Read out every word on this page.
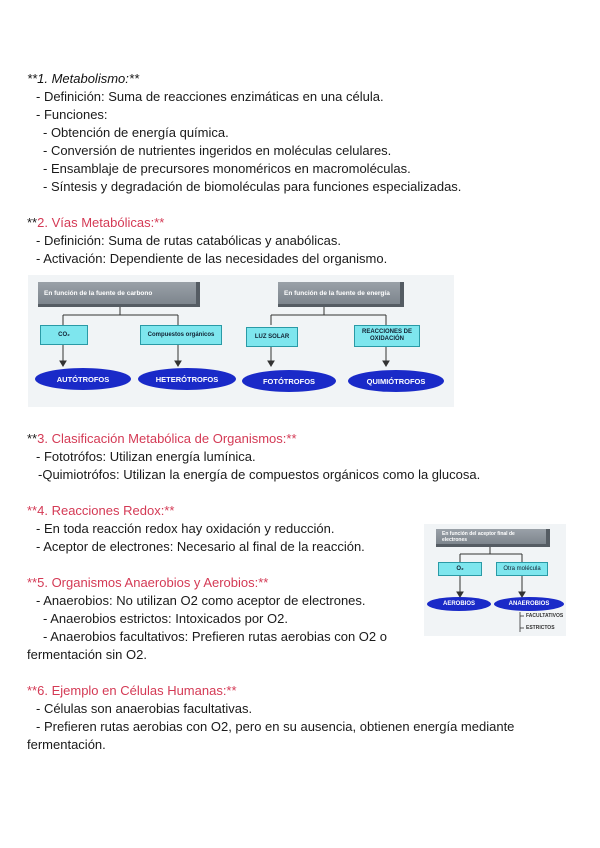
**1. Metabolismo:**
- Definición: Suma de reacciones enzimáticas en una célula.
- Funciones:
- Obtención de energía química.
- Conversión de nutrientes ingeridos en moléculas celulares.
- Ensamblaje de precursores monoméricos en macromoléculas.
- Síntesis y degradación de biomoléculas para funciones especializadas.
**2. Vías Metabólicas:**
- Definición: Suma de rutas catabólicas y anabólicas.
- Activación: Dependiente de las necesidades del organismo.
En función de la fuente de carbono
CO₂	Compuestos orgánicos
AUTÓTROFOS	HETERÓTROFOS
En función de la fuente de energía
LUZ SOLAR
REACCIONES DE OXIDACIÓN
FOTÓTROFOS	QUIMIÓTROFOS
**3. Clasificación Metabólica de Organismos:**
- Fototrófos: Utilizan energía lumínica.
-Quimiotrófos: Utilizan la energía de compuestos orgánicos como la glucosa.
**4. Reacciones Redox:**
- En toda reacción redox hay oxidación y reducción.
- Aceptor de electrones: Necesario al final de la reacción.
En función del aceptor final de electrones
O₂	Otra molécula
AEROBIOS	ANAEROBIOS
FACULTATIVOS
ESTRICTOS
**5. Organismos Anaerobios y Aerobios:**
- Anaerobios: No utilizan O2 como aceptor de electrones.
- Anaerobios estrictos: Intoxicados por O2.
- Anaerobios facultativos: Prefieren rutas aerobias con O2 o
fermentación sin O2.
**6. Ejemplo en Células Humanas:**
- Células son anaerobias facultativas.
- Prefieren rutas aerobias con O2, pero en su ausencia, obtienen energía mediante
fermentación.
